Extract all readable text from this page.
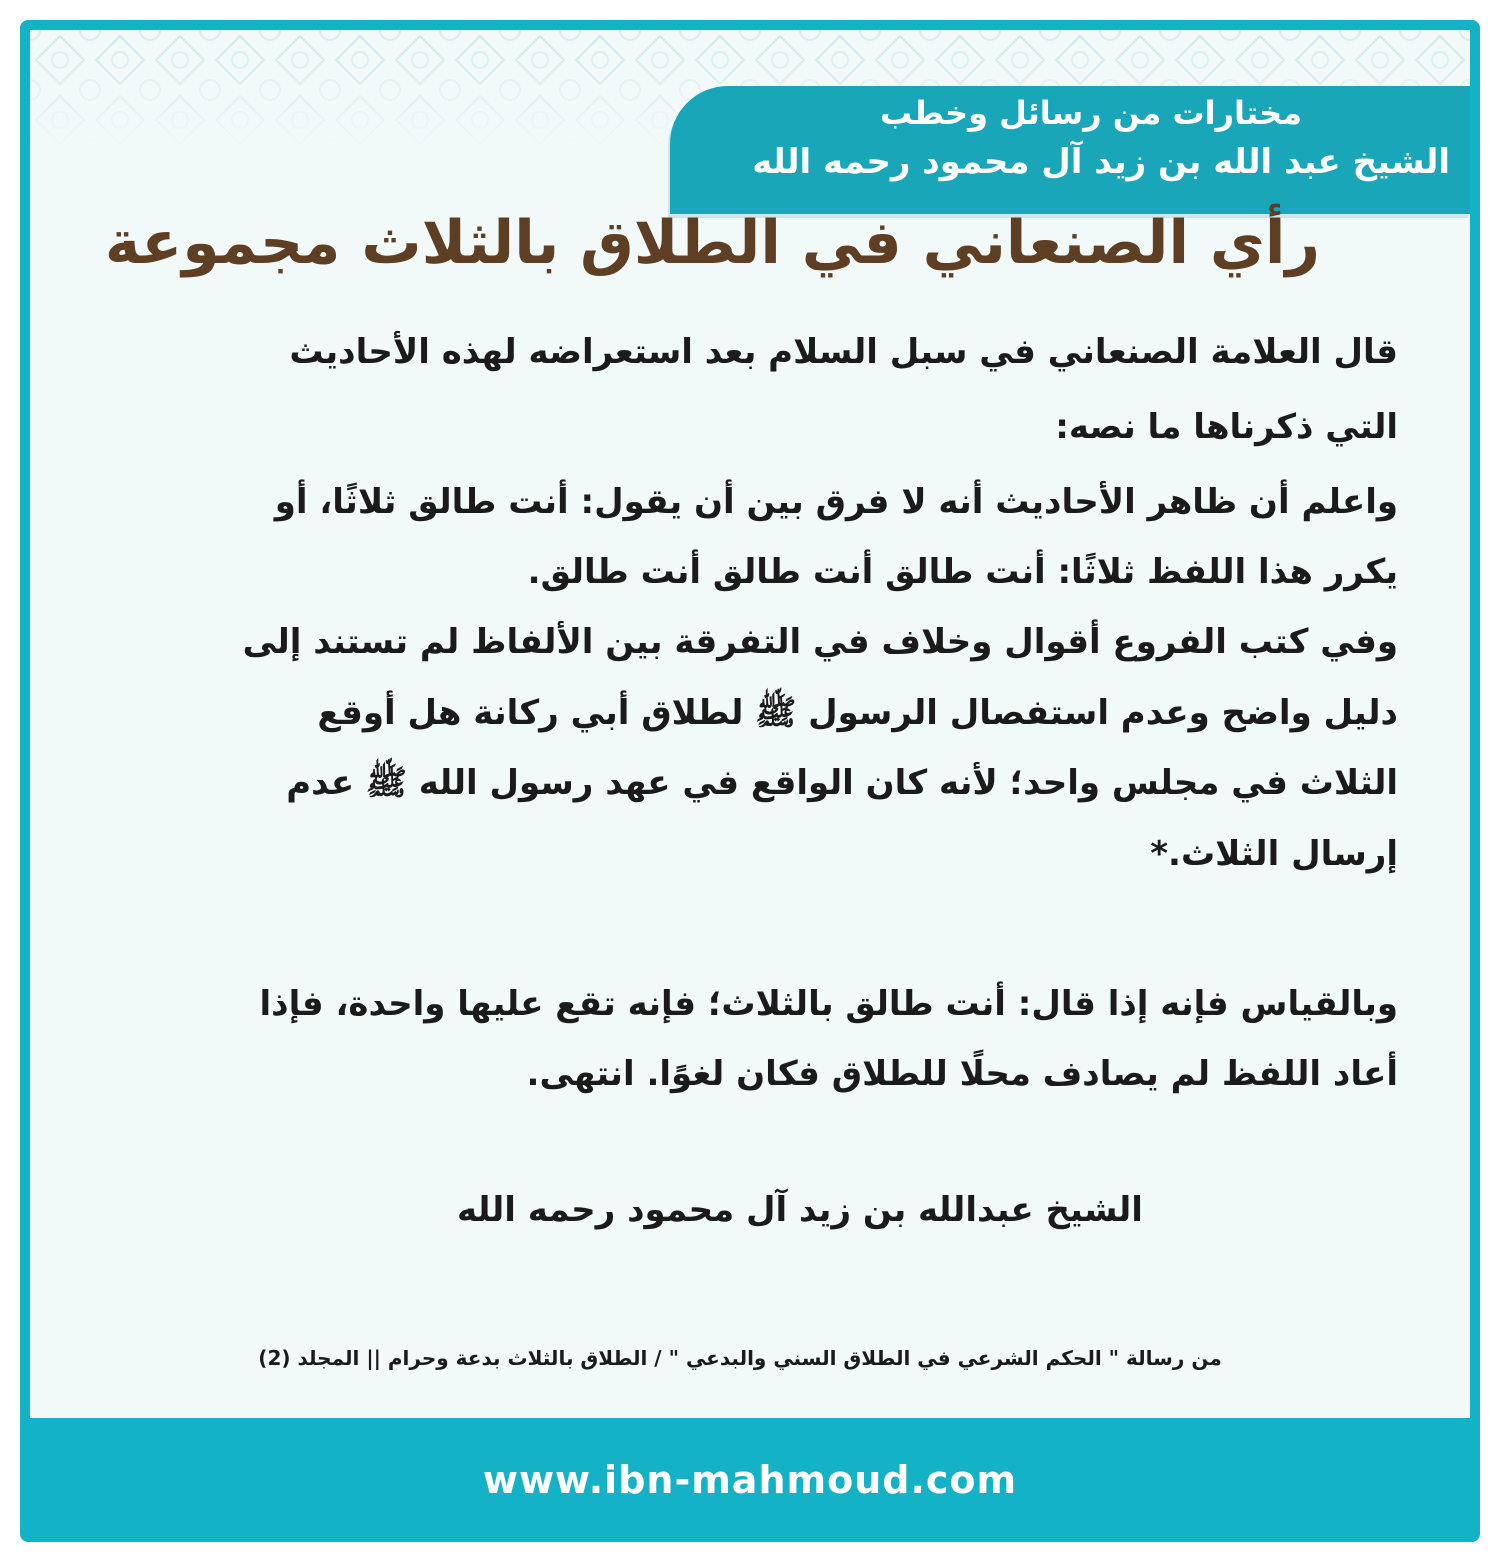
مختارات من رسائل وخطب
الشيخ عبد الله بن زيد آل محمود رحمه الله
رأي الصنعاني في الطلاق بالثلاث مجموعة
قال العلامة الصنعاني في سبل السلام بعد استعراضه لهذه الأحاديث
التي ذكرناها ما نصه:
واعلم أن ظاهر الأحاديث أنه لا فرق بين أن يقول: أنت طالق ثلاثًا، أو
يكرر هذا اللفظ ثلاثًا: أنت طالق أنت طالق أنت طالق.
وفي كتب الفروع أقوال وخلاف في التفرقة بين الألفاظ لم تستند إلى
دليل واضح وعدم استفصال الرسول ﷺ لطلاق أبي ركانة هل أوقع
الثلاث في مجلس واحد؛ لأنه كان الواقع في عهد رسول الله ﷺ عدم
إرسال الثلاث.*
وبالقياس فإنه إذا قال: أنت طالق بالثلاث؛ فإنه تقع عليها واحدة، فإذا
أعاد اللفظ لم يصادف محلًا للطلاق فكان لغوًا. انتهى.
الشيخ عبدالله بن زيد آل محمود رحمه الله
من رسالة " الحكم الشرعي في الطلاق السني والبدعي " / الطلاق بالثلاث بدعة وحرام || المجلد (2)
www.ibn-mahmoud.com
